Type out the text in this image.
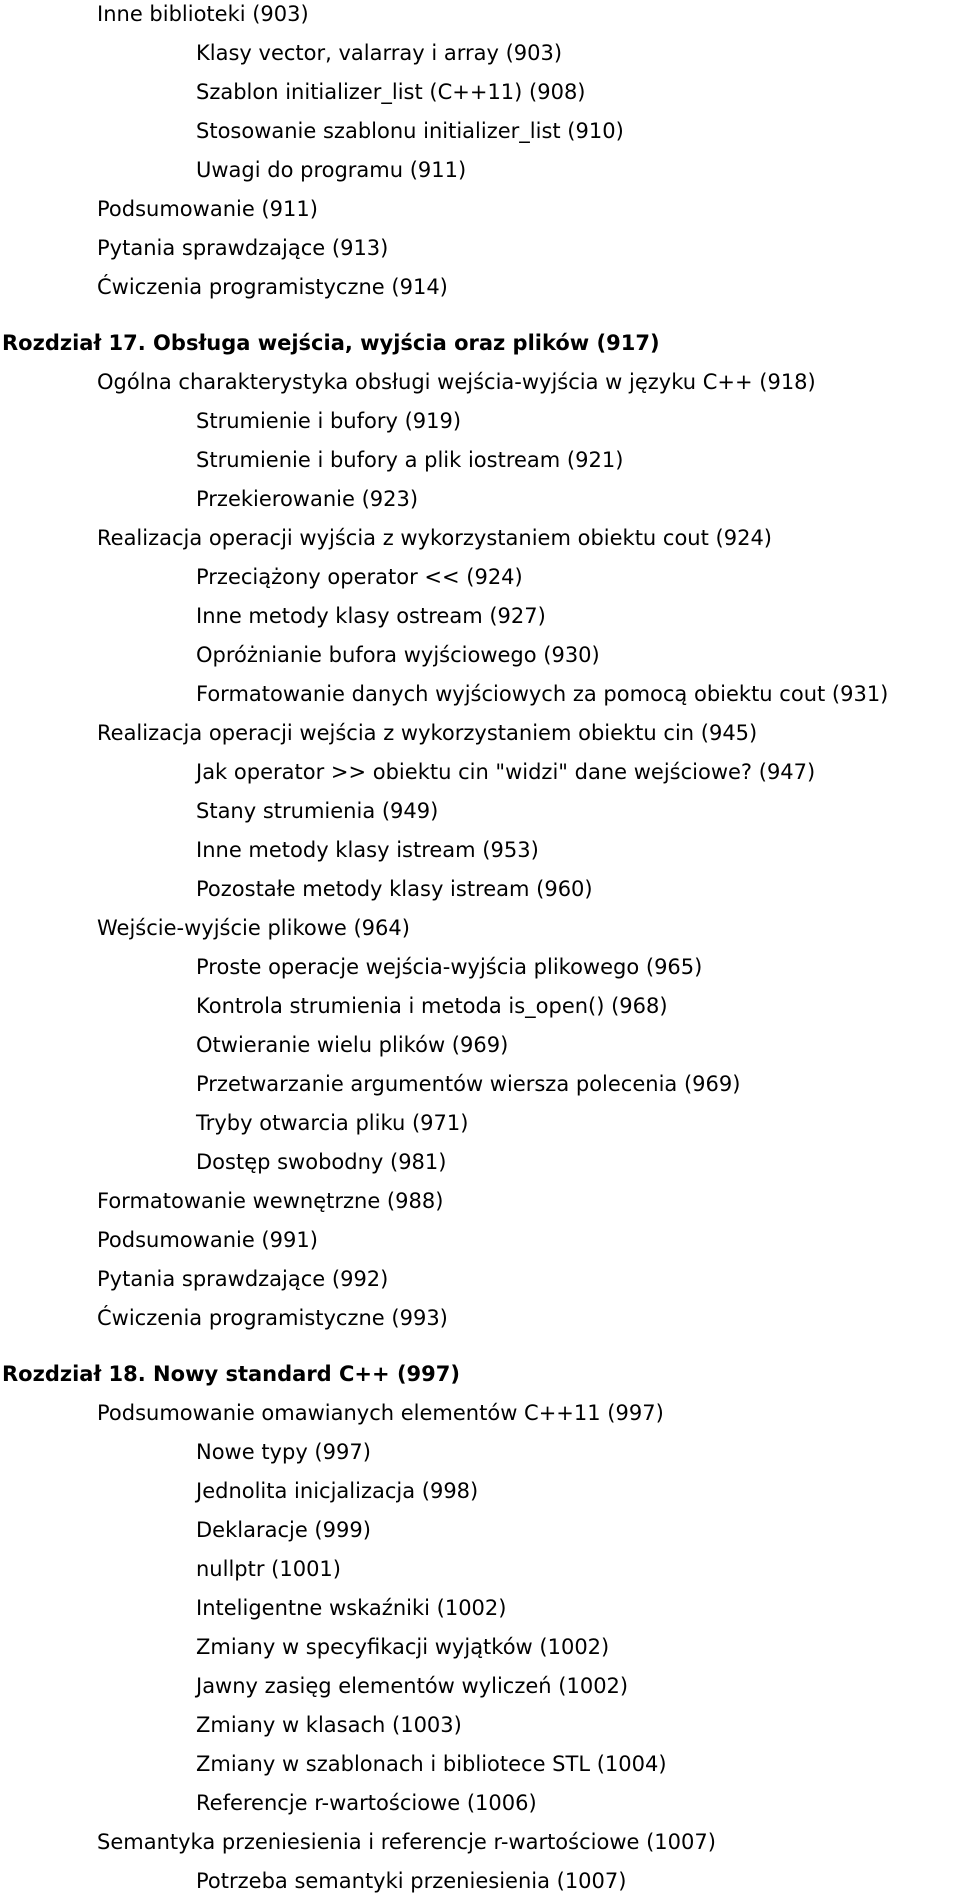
Inne biblioteki (903)
Klasy vector, valarray i array (903)
Szablon initializer_list (C++11) (908)
Stosowanie szablonu initializer_list (910)
Uwagi do programu (911)
Podsumowanie (911)
Pytania sprawdzające (913)
Ćwiczenia programistyczne (914)
Rozdział 17. Obsługa wejścia, wyjścia oraz plików (917)
Ogólna charakterystyka obsługi wejścia-wyjścia w języku C++ (918)
Strumienie i bufory (919)
Strumienie i bufory a plik iostream (921)
Przekierowanie (923)
Realizacja operacji wyjścia z wykorzystaniem obiektu cout (924)
Przeciążony operator << (924)
Inne metody klasy ostream (927)
Opróżnianie bufora wyjściowego (930)
Formatowanie danych wyjściowych za pomocą obiektu cout (931)
Realizacja operacji wejścia z wykorzystaniem obiektu cin (945)
Jak operator >> obiektu cin "widzi" dane wejściowe? (947)
Stany strumienia (949)
Inne metody klasy istream (953)
Pozostałe metody klasy istream (960)
Wejście-wyjście plikowe (964)
Proste operacje wejścia-wyjścia plikowego (965)
Kontrola strumienia i metoda is_open() (968)
Otwieranie wielu plików (969)
Przetwarzanie argumentów wiersza polecenia (969)
Tryby otwarcia pliku (971)
Dostęp swobodny (981)
Formatowanie wewnętrzne (988)
Podsumowanie (991)
Pytania sprawdzające (992)
Ćwiczenia programistyczne (993)
Rozdział 18. Nowy standard C++ (997)
Podsumowanie omawianych elementów C++11 (997)
Nowe typy (997)
Jednolita inicjalizacja (998)
Deklaracje (999)
nullptr (1001)
Inteligentne wskaźniki (1002)
Zmiany w specyfikacji wyjątków (1002)
Jawny zasięg elementów wyliczeń (1002)
Zmiany w klasach (1003)
Zmiany w szablonach i bibliotece STL (1004)
Referencje r-wartościowe (1006)
Semantyka przeniesienia i referencje r-wartościowe (1007)
Potrzeba semantyki przeniesienia (1007)
